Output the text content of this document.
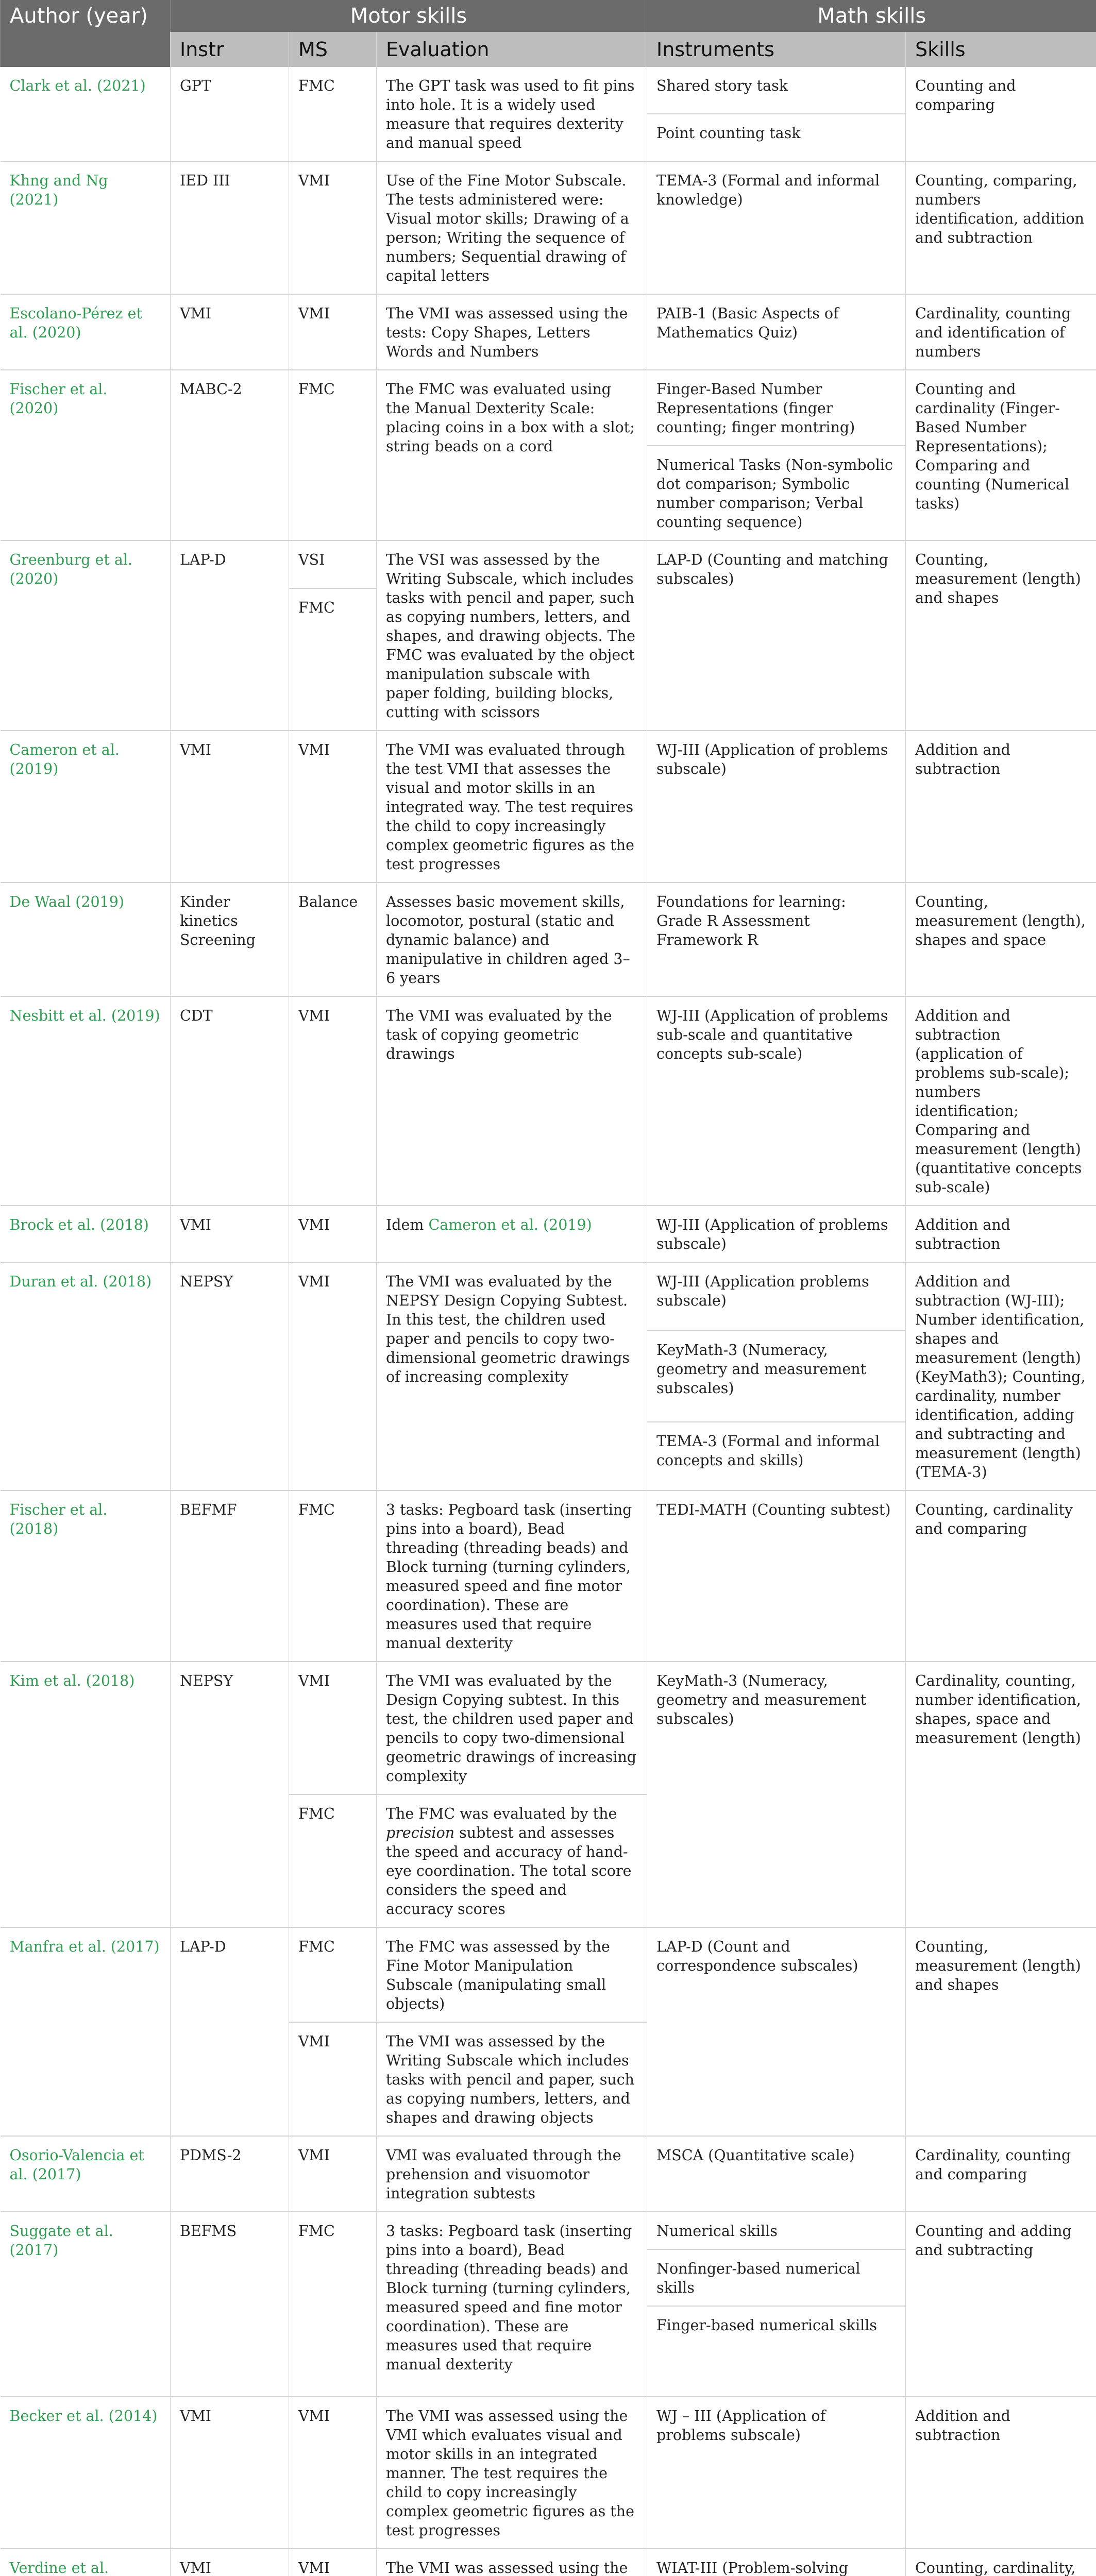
Author (year)	Motor skills			Math skills	
	Instr	MS	Evaluation	Instruments	Skills
Clark et al. (2021)	GPT	FMC	The GPT task was used to fit pins into hole. It is a widely used measure that requires dexterity and manual speed	Shared story task	Counting and comparing
				Point counting task	
Khng and Ng (2021)	IED III	VMI	Use of the Fine Motor Subscale. The tests administered were: Visual motor skills; Drawing of a person; Writing the sequence of numbers; Sequential drawing of capital letters	TEMA-3 (Formal and informal knowledge)	Counting, comparing, numbers identification, addition and subtraction
Escolano-Pérez et al. (2020)	VMI	VMI	The VMI was assessed using the tests: Copy Shapes, Letters Words and Numbers	PAIB-1 (Basic Aspects of Mathematics Quiz)	Cardinality, counting and identification of numbers
Fischer et al. (2020)	MABC-2	FMC	The FMC was evaluated using the Manual Dexterity Scale: placing coins in a box with a slot; string beads on a cord	Finger-Based Number Representations (finger counting; finger montring)	Counting and cardinality (Finger-Based Number Representations); Comparing and counting (Numerical tasks)
				Numerical Tasks (Non-symbolic dot comparison; Symbolic number comparison; Verbal counting sequence)	
Greenburg et al. (2020)	LAP-D	VSI	The VSI was assessed by the Writing Subscale, which includes tasks with pencil and paper, such as copying numbers, letters, and shapes, and drawing objects. The FMC was evaluated by the object manipulation subscale with paper folding, building blocks, cutting with scissors	LAP-D (Counting and matching subscales)	Counting, measurement (length) and shapes
		FMC			
Cameron et al. (2019)	VMI	VMI	The VMI was evaluated through the test VMI that assesses the visual and motor skills in an integrated way. The test requires the child to copy increasingly complex geometric figures as the test progresses	WJ-III (Application of problems subscale)	Addition and subtraction
De Waal (2019)	Kinder kinetics Screening	Balance	Assesses basic movement skills, locomotor, postural (static and dynamic balance) and manipulative in children aged 3–6 years	Foundations for learning: Grade R Assessment Framework R	Counting, measurement (length), shapes and space
Nesbitt et al. (2019)	CDT	VMI	The VMI was evaluated by the task of copying geometric drawings	WJ-III (Application of problems sub-scale and quantitative concepts sub-scale)	Addition and subtraction (application of problems sub-scale); numbers identification; Comparing and measurement (length) (quantitative concepts sub-scale)
Brock et al. (2018)	VMI	VMI	Idem Cameron et al. (2019)	WJ-III (Application of problems subscale)	Addition and subtraction
Duran et al. (2018)	NEPSY	VMI	The VMI was evaluated by the NEPSY Design Copying Subtest. In this test, the children used paper and pencils to copy two-dimensional geometric drawings of increasing complexity	WJ-III (Application problems subscale)	Addition and subtraction (WJ-III); Number identification, shapes and measurement (length) (KeyMath3); Counting, cardinality, number identification, adding and subtracting and measurement (length) (TEMA-3)
				KeyMath-3 (Numeracy, geometry and measurement subscales)	
				TEMA-3 (Formal and informal concepts and skills)	
Fischer et al. (2018)	BEFMF	FMC	3 tasks: Pegboard task (inserting pins into a board), Bead threading (threading beads) and Block turning (turning cylinders, measured speed and fine motor coordination). These are measures used that require manual dexterity	TEDI-MATH (Counting subtest)	Counting, cardinality and comparing
Kim et al. (2018)	NEPSY	VMI	The VMI was evaluated by the Design Copying subtest. In this test, the children used paper and pencils to copy two-dimensional geometric drawings of increasing complexity	KeyMath-3 (Numeracy, geometry and measurement subscales)	Cardinality, counting, number identification, shapes, space and measurement (length)
		FMC	The FMC was evaluated by the precision subtest and assesses the speed and accuracy of hand-eye coordination. The total score considers the speed and accuracy scores		
Manfra et al. (2017)	LAP-D	FMC	The FMC was assessed by the Fine Motor Manipulation Subscale (manipulating small objects)	LAP-D (Count and correspondence subscales)	Counting, measurement (length) and shapes
		VMI	The VMI was assessed by the Writing Subscale which includes tasks with pencil and paper, such as copying numbers, letters, and shapes and drawing objects		
Osorio-Valencia et al. (2017)	PDMS-2	VMI	VMI was evaluated through the prehension and visuomotor integration subtests	MSCA (Quantitative scale)	Cardinality, counting and comparing
Suggate et al. (2017)	BEFMS	FMC	3 tasks: Pegboard task (inserting pins into a board), Bead threading (threading beads) and Block turning (turning cylinders, measured speed and fine motor coordination). These are measures used that require manual dexterity	Numerical skills	Counting and adding and subtracting
				Nonfinger-based numerical skills	
				Finger-based numerical skills	
Becker et al. (2014)	VMI	VMI	The VMI was assessed using the VMI which evaluates visual and motor skills in an integrated manner. The test requires the child to copy increasingly complex geometric figures as the test progresses	WJ – III (Application of problems subscale)	Addition and subtraction
Verdine et al.	VMI	VMI	The VMI was assessed using the	WIAT-III (Problem-solving	Counting, cardinality,
